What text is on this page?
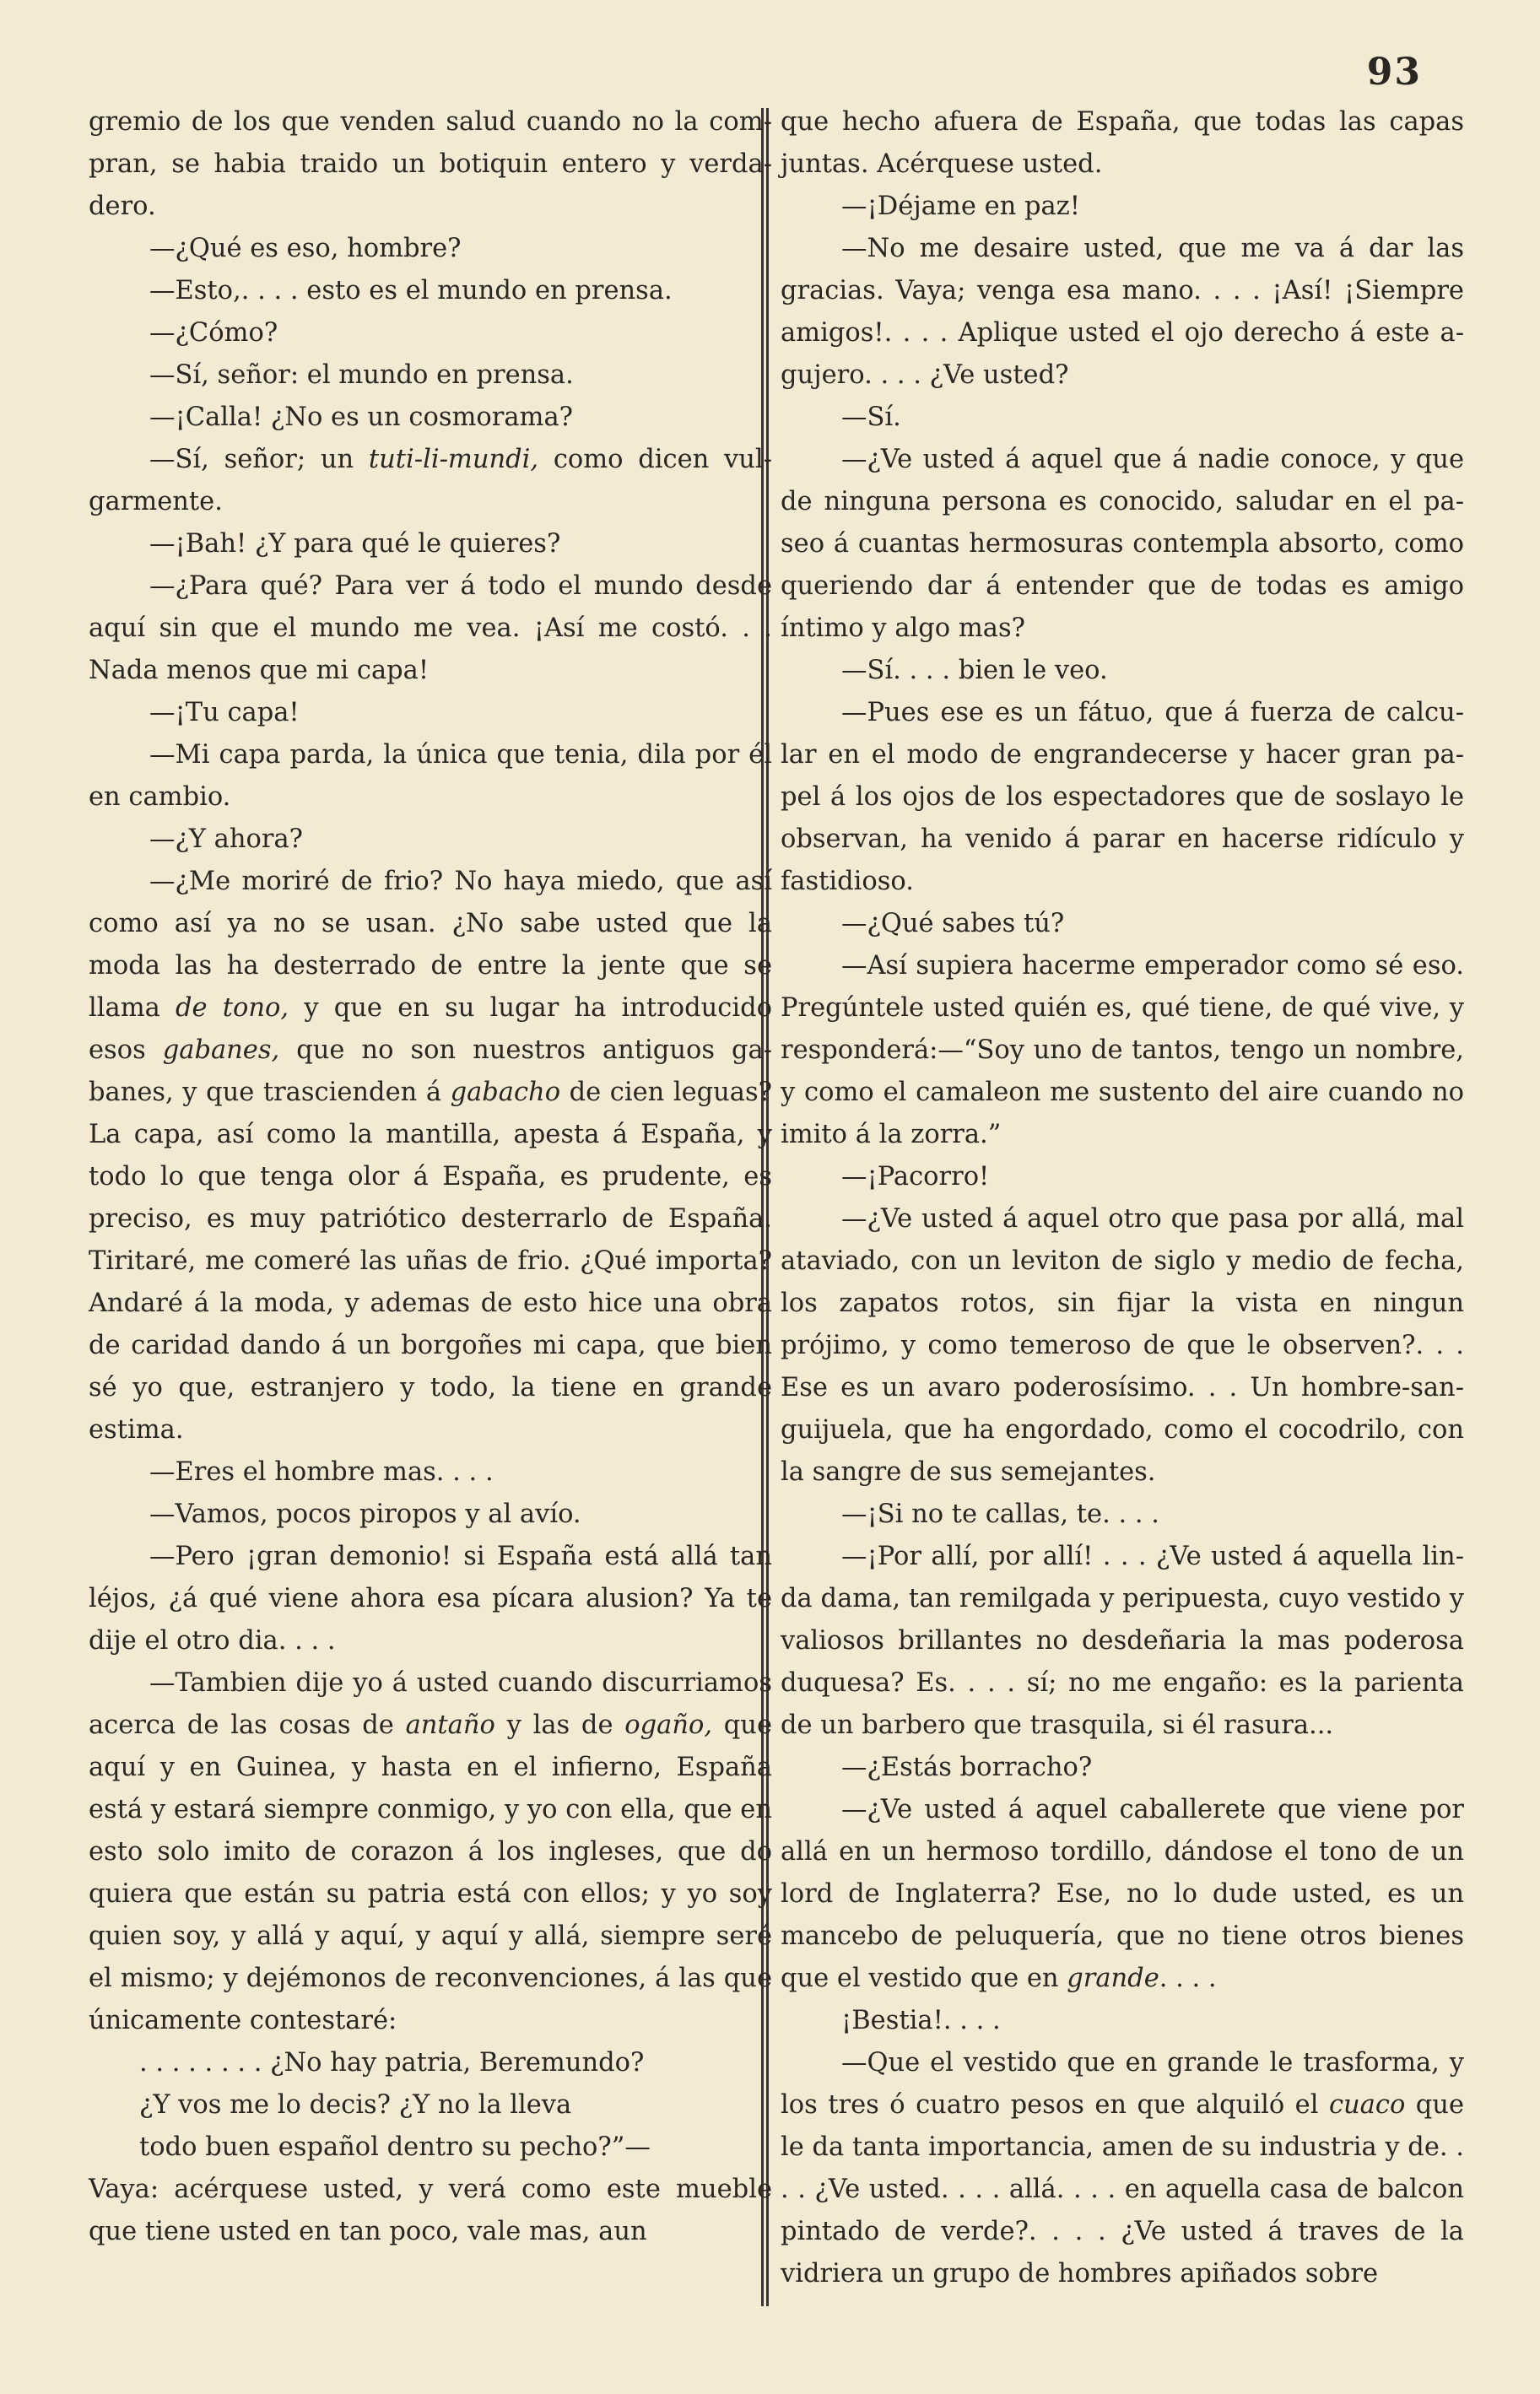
93

gremio de los que venden salud cuando no la compran, se habia traido un botiquin entero y verdadero.

—¿Qué es eso, hombre?

—Esto,. . . . esto es el mundo en prensa.

—¿Cómo?

—Sí, señor: el mundo en prensa.

—¡Calla! ¿No es un cosmorama?

—Sí, señor; un tuti-li-mundi, como dicen vulgarmente.

—¡Bah! ¿Y para qué le quieres?

—¿Para qué? Para ver á todo el mundo desde aquí sin que el mundo me vea. ¡Así me costó. . . Nada menos que mi capa!

—¡Tu capa!

—Mi capa parda, la única que tenia, dila por él en cambio.

—¿Y ahora?

—¿Me moriré de frio? No haya miedo, que así como así ya no se usan. ¿No sabe usted que la moda las ha desterrado de entre la jente que se llama de tono, y que en su lugar ha introducido esos gabanes, que no son nuestros antiguos gabanes, y que trascienden á gabacho de cien leguas? La capa, así como la mantilla, apesta á España, y todo lo que tenga olor á España, es prudente, es preciso, es muy patriótico desterrarlo de España. Tiritaré, me comeré las uñas de frio. ¿Qué importa? Andaré á la moda, y ademas de esto hice una obra de caridad dando á un borgoñes mi capa, que bien sé yo que, estranjero y todo, la tiene en grande estima.

—Eres el hombre mas. . . .

—Vamos, pocos piropos y al avío.

—Pero ¡gran demonio! si España está allá tan léjos, ¿á qué viene ahora esa pícara alusion? Ya te dije el otro dia. . . .

—Tambien dije yo á usted cuando discurriamos acerca de las cosas de antaño y las de ogaño, que aquí y en Guinea, y hasta en el infierno, España está y estará siempre conmigo, y yo con ella, que en esto solo imito de corazon á los ingleses, que do quiera que están su patria está con ellos; y yo soy quien soy, y allá y aquí, y aquí y allá, siempre seré el mismo; y dejémonos de reconvenciones, á las que únicamente contestaré:

. . . . . . . . ¿No hay patria, Beremundo?
¿Y vos me lo decis? ¿Y no la lleva
todo buen español dentro su pecho?”—

Vaya: acérquese usted, y verá como este mueble que tiene usted en tan poco, vale mas, aun

que hecho afuera de España, que todas las capas juntas. Acérquese usted.

—¡Déjame en paz!

—No me desaire usted, que me va á dar las gracias. Vaya; venga esa mano. . . . ¡Así! ¡Siempre amigos!. . . . Aplique usted el ojo derecho á este agujero. . . . ¿Ve usted?

—Sí.

—¿Ve usted á aquel que á nadie conoce, y que de ninguna persona es conocido, saludar en el paseo á cuantas hermosuras contempla absorto, como queriendo dar á entender que de todas es amigo íntimo y algo mas?

—Sí. . . . bien le veo.

—Pues ese es un fátuo, que á fuerza de calcular en el modo de engrandecerse y hacer gran papel á los ojos de los espectadores que de soslayo le observan, ha venido á parar en hacerse ridículo y fastidioso.

—¿Qué sabes tú?

—Así supiera hacerme emperador como sé eso. Pregúntele usted quién es, qué tiene, de qué vive, y responderá:—“Soy uno de tantos, tengo un nombre, y como el camaleon me sustento del aire cuando no imito á la zorra.”

—¡Pacorro!

—¿Ve usted á aquel otro que pasa por allá, mal ataviado, con un leviton de siglo y medio de fecha, los zapatos rotos, sin fijar la vista en ningun prójimo, y como temeroso de que le observen?. . . Ese es un avaro poderosísimo. . . Un hombre-sanguijuela, que ha engordado, como el cocodrilo, con la sangre de sus semejantes.

—¡Si no te callas, te. . . .

—¡Por allí, por allí! . . . ¿Ve usted á aquella linda dama, tan remilgada y peripuesta, cuyo vestido y valiosos brillantes no desdeñaria la mas poderosa duquesa? Es. . . . sí; no me engaño: es la parienta de un barbero que trasquila, si él rasura...

—¿Estás borracho?

—¿Ve usted á aquel caballerete que viene por allá en un hermoso tordillo, dándose el tono de un lord de Inglaterra? Ese, no lo dude usted, es un mancebo de peluquería, que no tiene otros bienes que el vestido que en grande. . . .

¡Bestia!. . . .

—Que el vestido que en grande le trasforma, y los tres ó cuatro pesos en que alquiló el cuaco que le da tanta importancia, amen de su industria y de. . . . ¿Ve usted. . . . allá. . . . en aquella casa de balcon pintado de verde?. . . . ¿Ve usted á traves de la vidriera un grupo de hombres apiñados sobre
